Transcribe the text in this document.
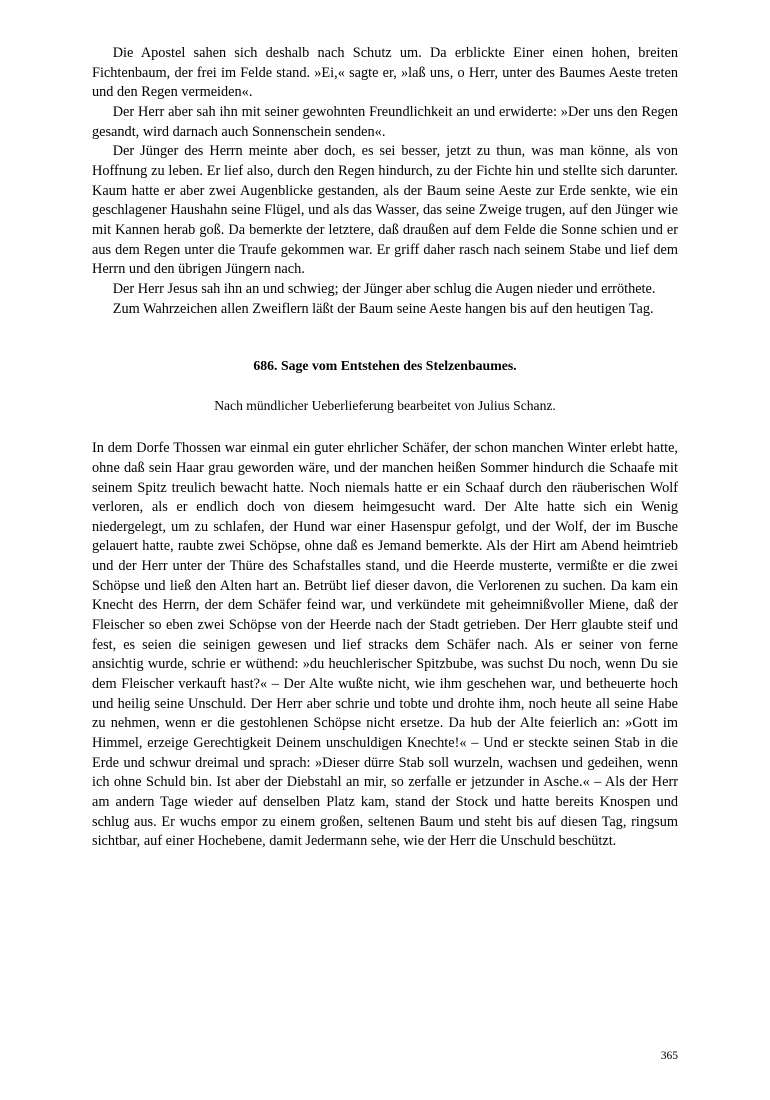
Die Apostel sahen sich deshalb nach Schutz um. Da erblickte Einer einen hohen, breiten Fichtenbaum, der frei im Felde stand. »Ei,« sagte er, »laß uns, o Herr, unter des Baumes Aeste treten und den Regen vermeiden«.

Der Herr aber sah ihn mit seiner gewohnten Freundlichkeit an und erwiderte: »Der uns den Regen gesandt, wird darnach auch Sonnenschein senden«.

Der Jünger des Herrn meinte aber doch, es sei besser, jetzt zu thun, was man könne, als von Hoffnung zu leben. Er lief also, durch den Regen hindurch, zu der Fichte hin und stellte sich darunter. Kaum hatte er aber zwei Augenblicke gestanden, als der Baum seine Aeste zur Erde senkte, wie ein geschlagener Haushahn seine Flügel, und als das Wasser, das seine Zweige trugen, auf den Jünger wie mit Kannen herab goß. Da bemerkte der letztere, daß draußen auf dem Felde die Sonne schien und er aus dem Regen unter die Traufe gekommen war. Er griff daher rasch nach seinem Stabe und lief dem Herrn und den übrigen Jüngern nach.

Der Herr Jesus sah ihn an und schwieg; der Jünger aber schlug die Augen nieder und erröthete.

Zum Wahrzeichen allen Zweiflern läßt der Baum seine Aeste hangen bis auf den heutigen Tag.

686. Sage vom Entstehen des Stelzenbaumes.

Nach mündlicher Ueberlieferung bearbeitet von Julius Schanz.

In dem Dorfe Thossen war einmal ein guter ehrlicher Schäfer, der schon manchen Winter erlebt hatte, ohne daß sein Haar grau geworden wäre, und der manchen heißen Sommer hindurch die Schaafe mit seinem Spitz treulich bewacht hatte. Noch niemals hatte er ein Schaaf durch den räuberischen Wolf verloren, als er endlich doch von diesem heimgesucht ward. Der Alte hatte sich ein Wenig niedergelegt, um zu schlafen, der Hund war einer Hasenspur gefolgt, und der Wolf, der im Busche gelauert hatte, raubte zwei Schöpse, ohne daß es Jemand bemerkte. Als der Hirt am Abend heimtrieb und der Herr unter der Thüre des Schafstalles stand, und die Heerde musterte, vermißte er die zwei Schöpse und ließ den Alten hart an. Betrübt lief dieser davon, die Verlorenen zu suchen. Da kam ein Knecht des Herrn, der dem Schäfer feind war, und verkündete mit geheimnißvoller Miene, daß der Fleischer so eben zwei Schöpse von der Heerde nach der Stadt getrieben. Der Herr glaubte steif und fest, es seien die seinigen gewesen und lief stracks dem Schäfer nach. Als er seiner von ferne ansichtig wurde, schrie er wüthend: »du heuchlerischer Spitzbube, was suchst Du noch, wenn Du sie dem Fleischer verkauft hast?« – Der Alte wußte nicht, wie ihm geschehen war, und betheuerte hoch und heilig seine Unschuld. Der Herr aber schrie und tobte und drohte ihm, noch heute all seine Habe zu nehmen, wenn er die gestohlenen Schöpse nicht ersetze. Da hub der Alte feierlich an: »Gott im Himmel, erzeige Gerechtigkeit Deinem unschuldigen Knechte!« – Und er steckte seinen Stab in die Erde und schwur dreimal und sprach: »Dieser dürre Stab soll wurzeln, wachsen und gedeihen, wenn ich ohne Schuld bin. Ist aber der Diebstahl an mir, so zerfalle er jetzunder in Asche.« – Als der Herr am andern Tage wieder auf denselben Platz kam, stand der Stock und hatte bereits Knospen und schlug aus. Er wuchs empor zu einem großen, seltenen Baum und steht bis auf diesen Tag, ringsum sichtbar, auf einer Hochebene, damit Jedermann sehe, wie der Herr die Unschuld beschützt.

365
